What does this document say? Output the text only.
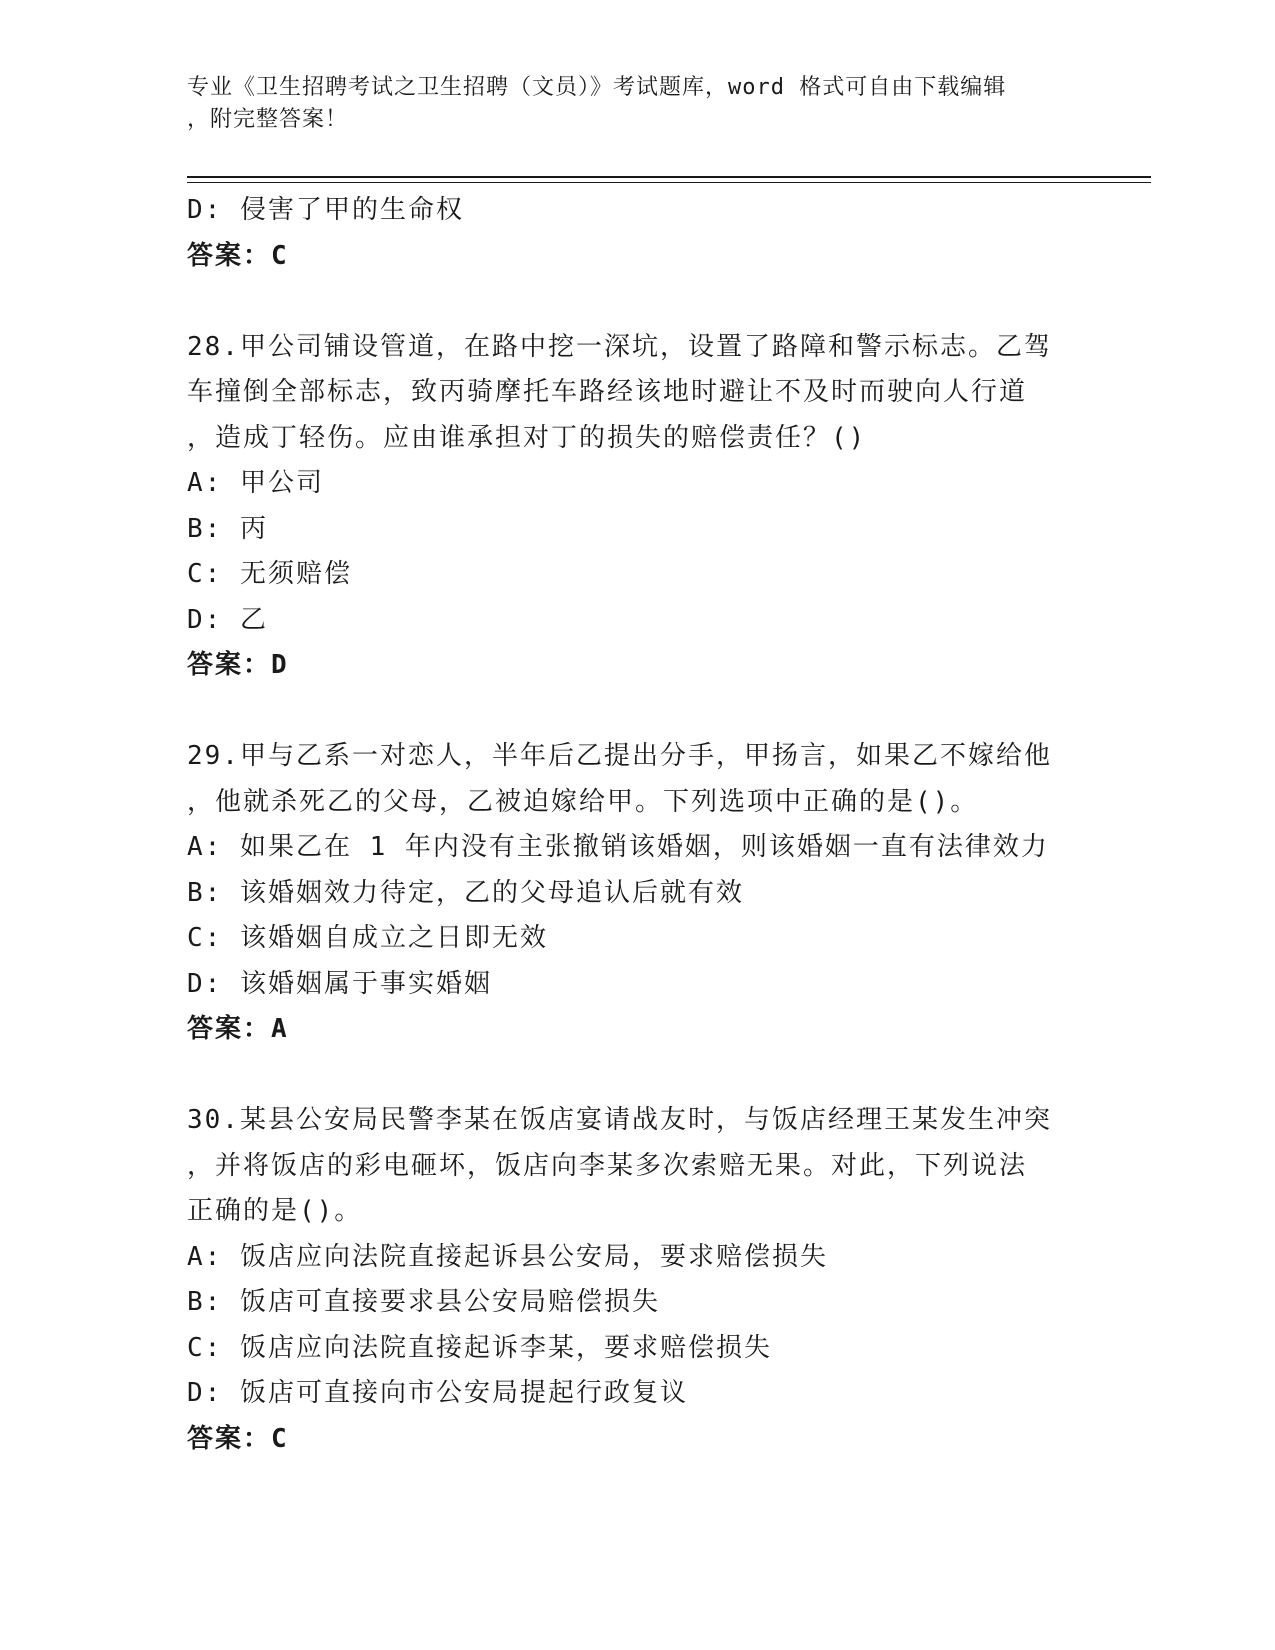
专业《卫生招聘考试之卫生招聘（文员）》考试题库，word 格式可自由下载编辑
，附完整答案！
D: 侵害了甲的生命权
答案：C
28.甲公司铺设管道，在路中挖一深坑，设置了路障和警示标志。乙驾
车撞倒全部标志，致丙骑摩托车路经该地时避让不及时而驶向人行道
，造成丁轻伤。应由谁承担对丁的损失的赔偿责任？()
A: 甲公司
B: 丙
C: 无须赔偿
D: 乙
答案：D
29.甲与乙系一对恋人，半年后乙提出分手，甲扬言，如果乙不嫁给他
，他就杀死乙的父母，乙被迫嫁给甲。下列选项中正确的是()。
A: 如果乙在 1 年内没有主张撤销该婚姻，则该婚姻一直有法律效力
B: 该婚姻效力待定，乙的父母追认后就有效
C: 该婚姻自成立之日即无效
D: 该婚姻属于事实婚姻
答案：A
30.某县公安局民警李某在饭店宴请战友时，与饭店经理王某发生冲突
，并将饭店的彩电砸坏，饭店向李某多次索赔无果。对此，下列说法
正确的是()。
A: 饭店应向法院直接起诉县公安局，要求赔偿损失
B: 饭店可直接要求县公安局赔偿损失
C: 饭店应向法院直接起诉李某，要求赔偿损失
D: 饭店可直接向市公安局提起行政复议
答案：C
